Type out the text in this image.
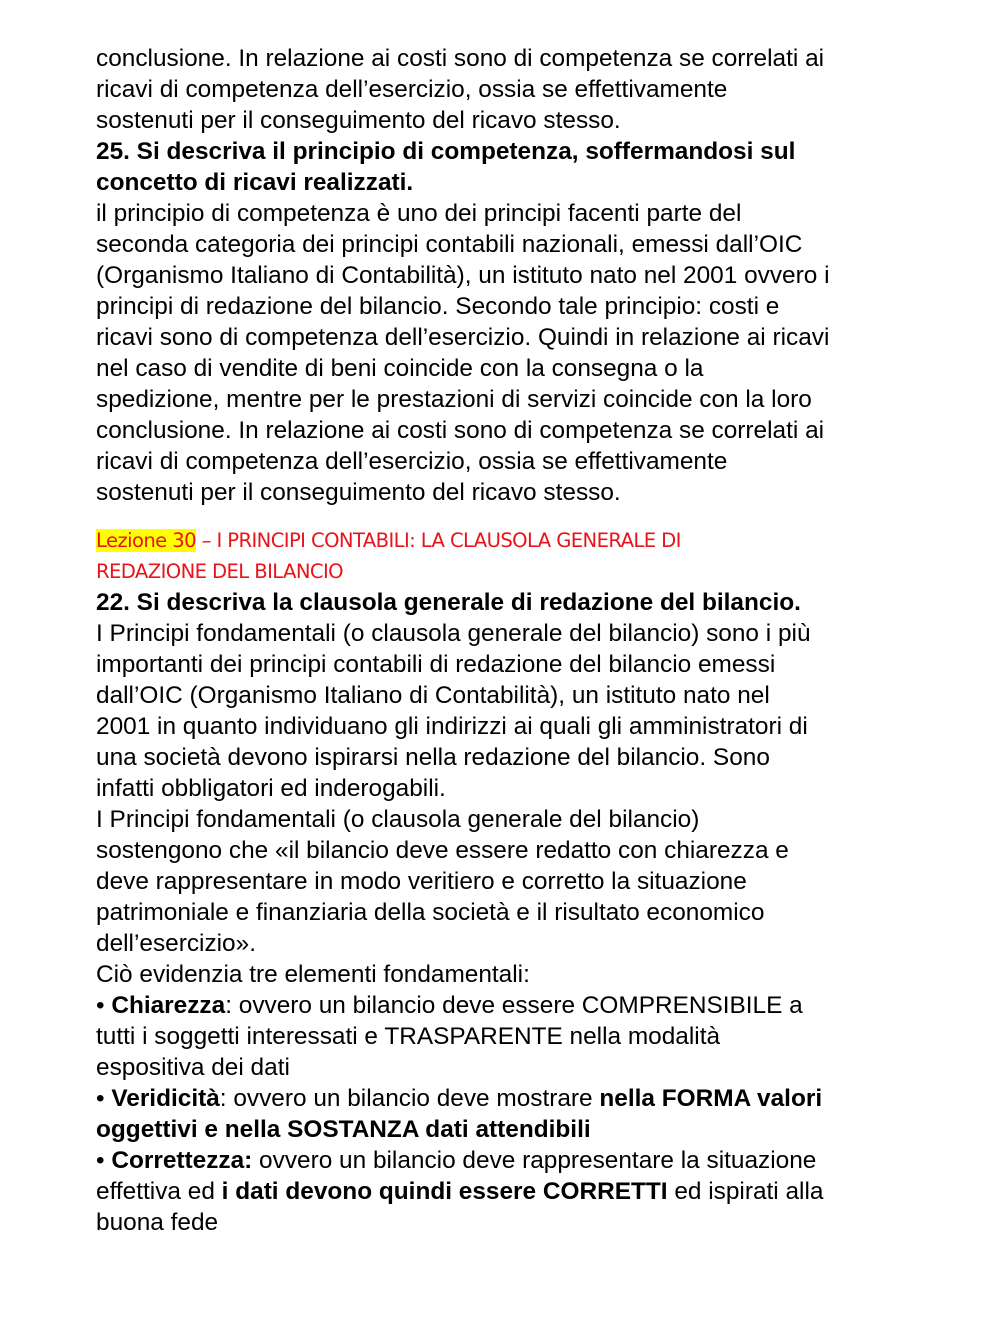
conclusione. In relazione ai costi sono di competenza se correlati ai

ricavi di competenza dell’esercizio, ossia se effettivamente

sostenuti per il conseguimento del ricavo stesso.

25. Si descriva il principio di competenza, soffermandosi sul

concetto di ricavi realizzati.

il principio di competenza è uno dei principi facenti parte del

seconda categoria dei principi contabili nazionali, emessi dall’OIC

(Organismo Italiano di Contabilità), un istituto nato nel 2001 ovvero i

principi di redazione del bilancio. Secondo tale principio: costi e

ricavi sono di competenza dell’esercizio. Quindi in relazione ai ricavi

nel caso di vendite di beni coincide con la consegna o la

spedizione, mentre per le prestazioni di servizi coincide con la loro

conclusione. In relazione ai costi sono di competenza se correlati ai

ricavi di competenza dell’esercizio, ossia se effettivamente

sostenuti per il conseguimento del ricavo stesso.

Lezione 30 – I PRINCIPI CONTABILI: LA CLAUSOLA GENERALE DI

REDAZIONE DEL BILANCIO

22. Si descriva la clausola generale di redazione del bilancio.

I Principi fondamentali (o clausola generale del bilancio) sono i più

importanti dei principi contabili di redazione del bilancio emessi

dall’OIC (Organismo Italiano di Contabilità), un istituto nato nel

2001 in quanto individuano gli indirizzi ai quali gli amministratori di

una società devono ispirarsi nella redazione del bilancio. Sono

infatti obbligatori ed inderogabili.

I Principi fondamentali (o clausola generale del bilancio)

sostengono che «il bilancio deve essere redatto con chiarezza e

deve rappresentare in modo veritiero e corretto la situazione

patrimoniale e finanziaria della società e il risultato economico

dell’esercizio».

Ciò evidenzia tre elementi fondamentali:

• Chiarezza: ovvero un bilancio deve essere COMPRENSIBILE a

tutti i soggetti interessati e TRASPARENTE nella modalità

espositiva dei dati

• Veridicità: ovvero un bilancio deve mostrare nella FORMA valori

oggettivi e nella SOSTANZA dati attendibili

• Correttezza: ovvero un bilancio deve rappresentare la situazione

effettiva ed i dati devono quindi essere CORRETTI ed ispirati alla

buona fede
